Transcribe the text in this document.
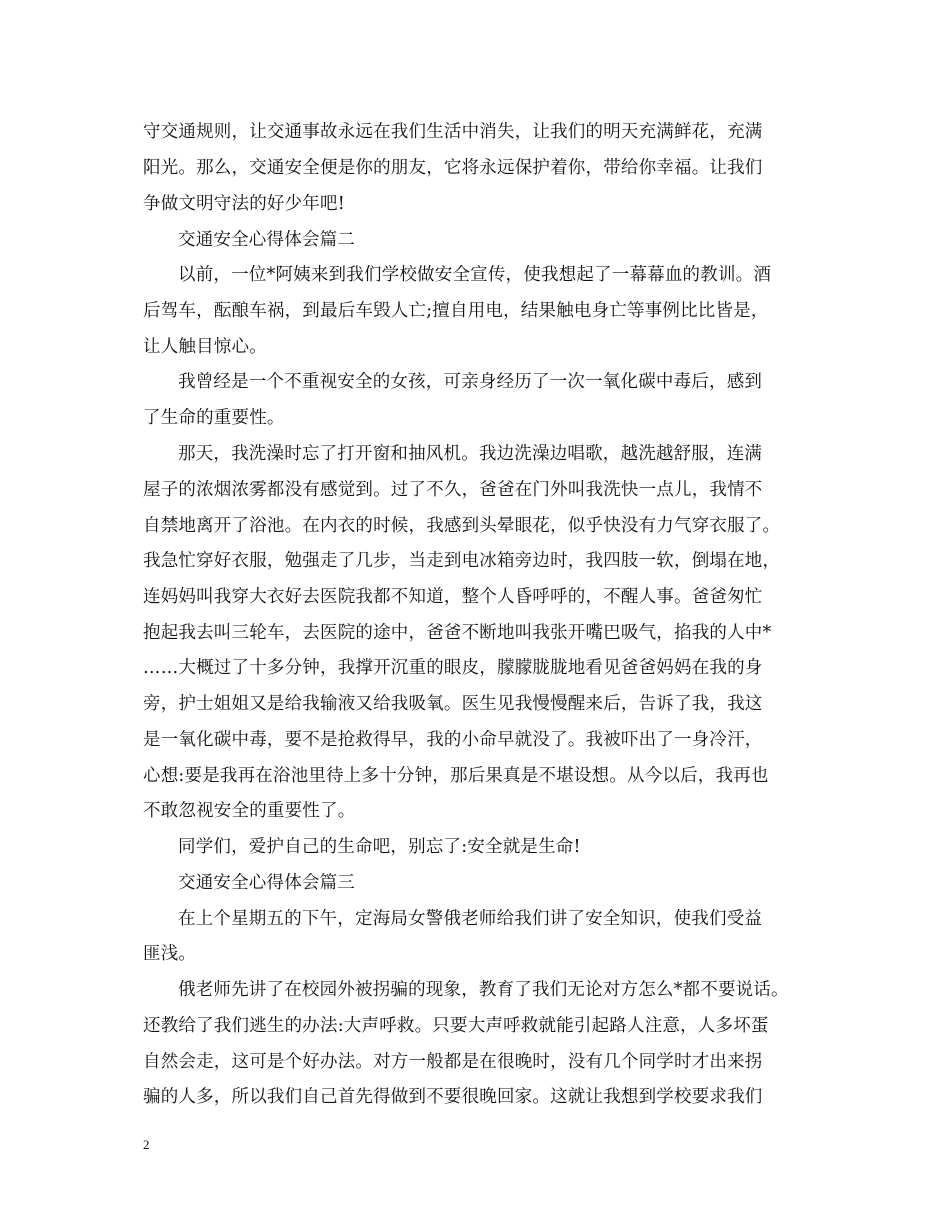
守交通规则，让交通事故永远在我们生活中消失，让我们的明天充满鲜花，充满
阳光。那么，交通安全便是你的朋友，它将永远保护着你，带给你幸福。让我们
争做文明守法的好少年吧!
交通安全心得体会篇二
以前，一位*阿姨来到我们学校做安全宣传，使我想起了一幕幕血的教训。酒
后驾车，酝酿车祸，到最后车毁人亡;擅自用电，结果触电身亡等事例比比皆是，
让人触目惊心。
我曾经是一个不重视安全的女孩，可亲身经历了一次一氧化碳中毒后，感到
了生命的重要性。
那天，我洗澡时忘了打开窗和抽风机。我边洗澡边唱歌，越洗越舒服，连满
屋子的浓烟浓雾都没有感觉到。过了不久，爸爸在门外叫我洗快一点儿，我情不
自禁地离开了浴池。在内衣的时候，我感到头晕眼花，似乎快没有力气穿衣服了。
我急忙穿好衣服，勉强走了几步，当走到电冰箱旁边时，我四肢一软，倒塌在地，
连妈妈叫我穿大衣好去医院我都不知道，整个人昏呼呼的，不醒人事。爸爸匆忙
抱起我去叫三轮车，去医院的途中，爸爸不断地叫我张开嘴巴吸气，掐我的人中*
……大概过了十多分钟，我撑开沉重的眼皮，朦朦胧胧地看见爸爸妈妈在我的身
旁，护士姐姐又是给我输液又给我吸氧。医生见我慢慢醒来后，告诉了我，我这
是一氧化碳中毒，要不是抢救得早，我的小命早就没了。我被吓出了一身冷汗，
心想:要是我再在浴池里待上多十分钟，那后果真是不堪设想。从今以后，我再也
不敢忽视安全的重要性了。
同学们，爱护自己的生命吧，别忘了:安全就是生命!
交通安全心得体会篇三
在上个星期五的下午，定海局女警俄老师给我们讲了安全知识，使我们受益
匪浅。
俄老师先讲了在校园外被拐骗的现象，教育了我们无论对方怎么*都不要说话。
还教给了我们逃生的办法:大声呼救。只要大声呼救就能引起路人注意，人多坏蛋
自然会走，这可是个好办法。对方一般都是在很晚时，没有几个同学时才出来拐
骗的人多，所以我们自己首先得做到不要很晚回家。这就让我想到学校要求我们
2
